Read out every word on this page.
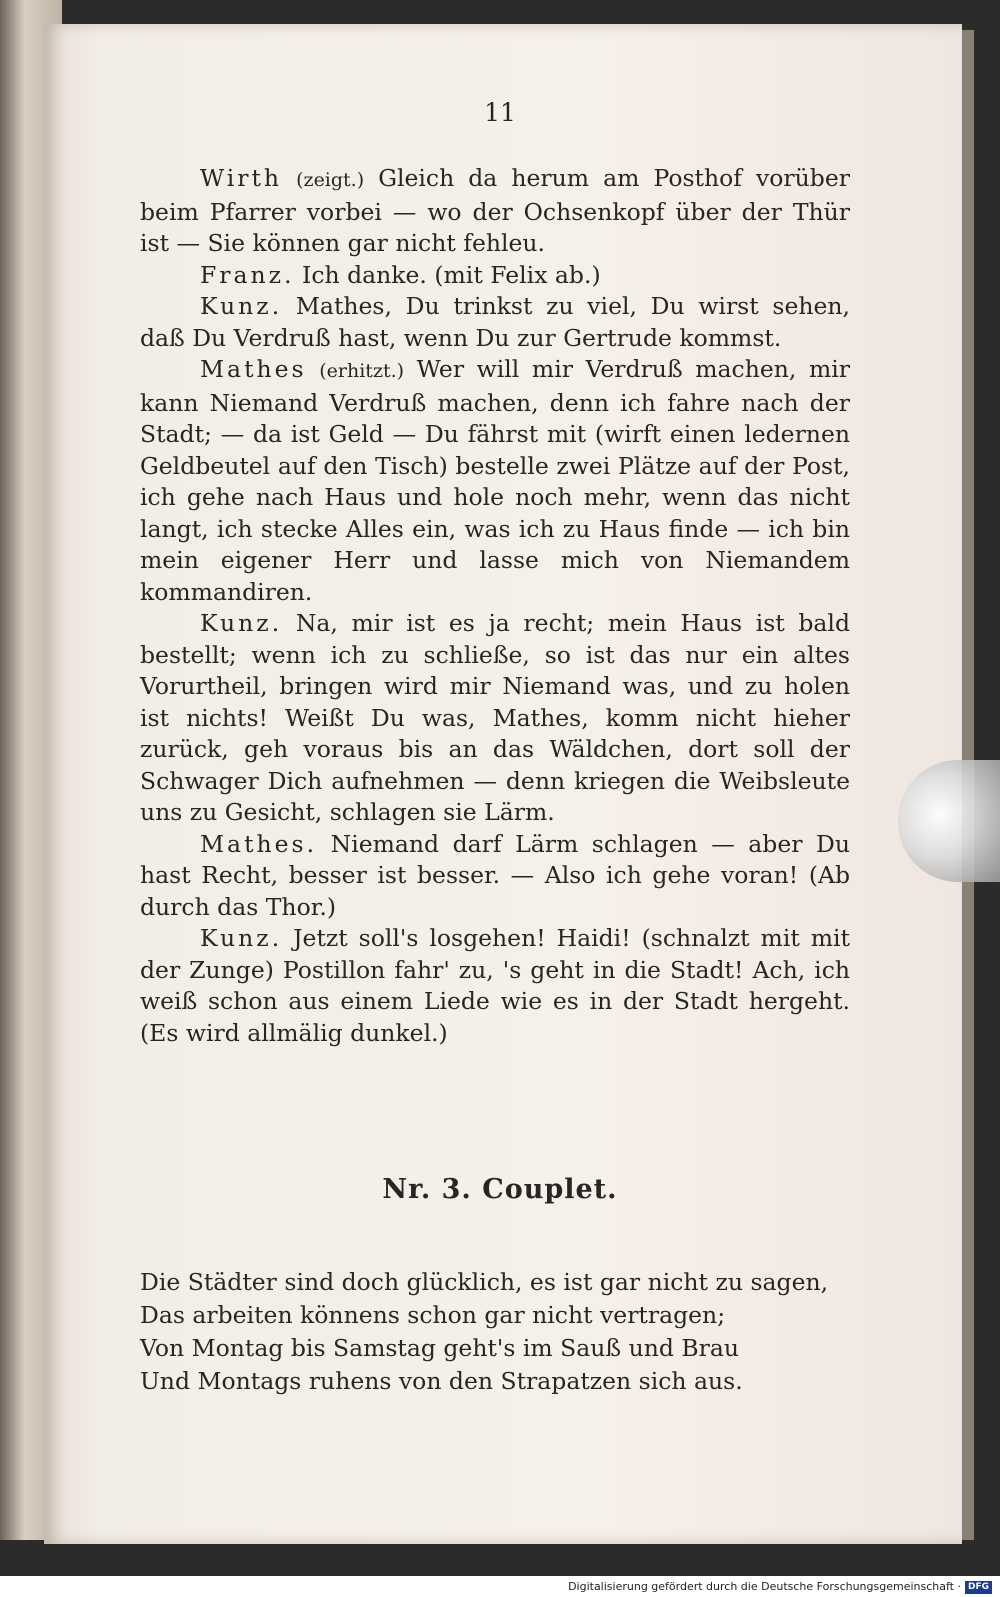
11

Wirth (zeigt.) Gleich da herum am Posthof vorüber beim Pfarrer vorbei — wo der Ochsenkopf über der Thür ist — Sie können gar nicht fehleu.

Franz. Ich danke. (mit Felix ab.)

Kunz. Mathes, Du trinkst zu viel, Du wirst sehen, daß Du Verdruß hast, wenn Du zur Gertrude kommst.

Mathes (erhitzt.) Wer will mir Verdruß machen, mir kann Niemand Verdruß machen, denn ich fahre nach der Stadt; — da ist Geld — Du fährst mit (wirft einen ledernen Geldbeutel auf den Tisch) bestelle zwei Plätze auf der Post, ich gehe nach Haus und hole noch mehr, wenn das nicht langt, ich stecke Alles ein, was ich zu Haus finde — ich bin mein eigener Herr und lasse mich von Niemandem kommandiren.

Kunz. Na, mir ist es ja recht; mein Haus ist bald bestellt; wenn ich zu schließe, so ist das nur ein altes Vorurtheil, bringen wird mir Niemand was, und zu holen ist nichts! Weißt Du was, Mathes, komm nicht hieher zurück, geh voraus bis an das Wäldchen, dort soll der Schwager Dich aufnehmen — denn kriegen die Weibsleute uns zu Gesicht, schlagen sie Lärm.

Mathes. Niemand darf Lärm schlagen — aber Du hast Recht, besser ist besser. — Also ich gehe voran! (Ab durch das Thor.)

Kunz. Jetzt soll's losgehen! Haidi! (schnalzt mit mit der Zunge) Postillon fahr' zu, 's geht in die Stadt! Ach, ich weiß schon aus einem Liede wie es in der Stadt hergeht. (Es wird allmälig dunkel.)

Nr. 3. Couplet.
Die Städter sind doch glücklich, es ist gar nicht zu sagen,
Das arbeiten könnens schon gar nicht vertragen;
Von Montag bis Samstag geht's im Sauß und Brau
Und Montags ruhens von den Strapatzen sich aus.
Digitalisierung gefördert durch die Deutsche Forschungsgemeinschaft · DFG
